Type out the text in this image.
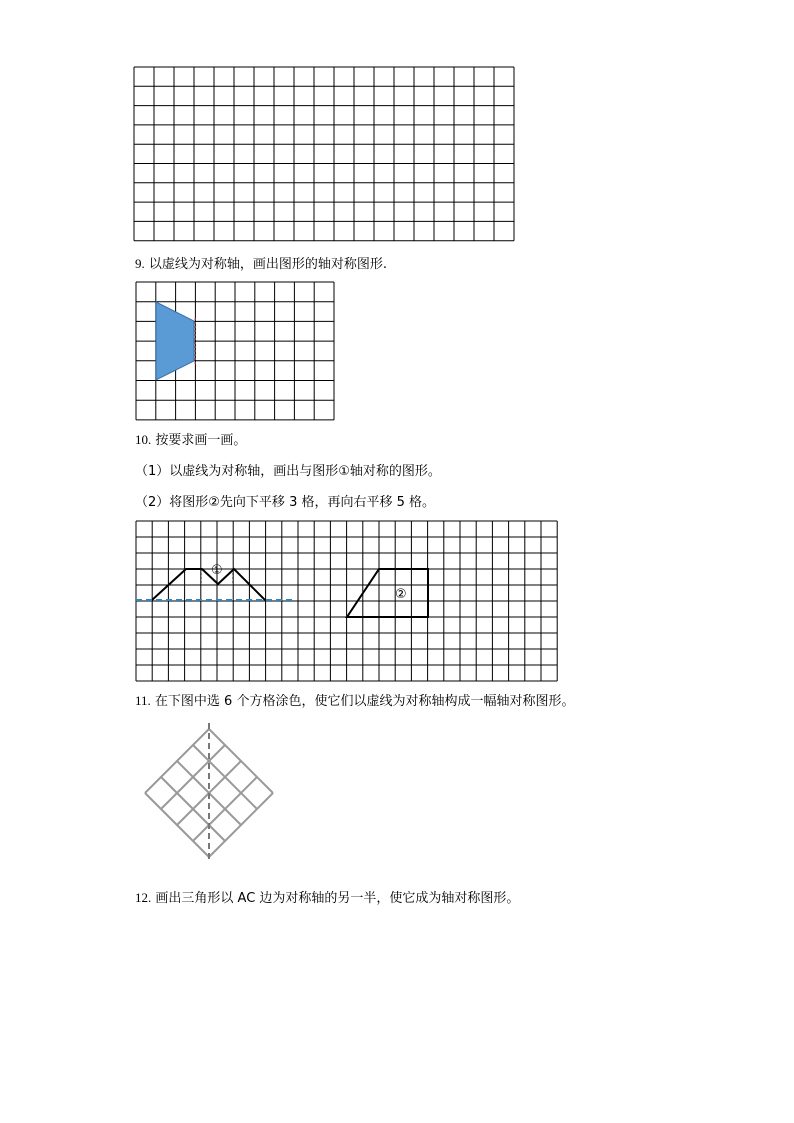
9. 以虚线为对称轴，画出图形的轴对称图形.
10. 按要求画一画。
（1）以虚线为对称轴，画出与图形①轴对称的图形。
（2）将图形②先向下平移 3 格，再向右平移 5 格。
①
②
11. 在下图中选 6 个方格涂色，使它们以虚线为对称轴构成一幅轴对称图形。
12. 画出三角形以 AC 边为对称轴的另一半，使它成为轴对称图形。
